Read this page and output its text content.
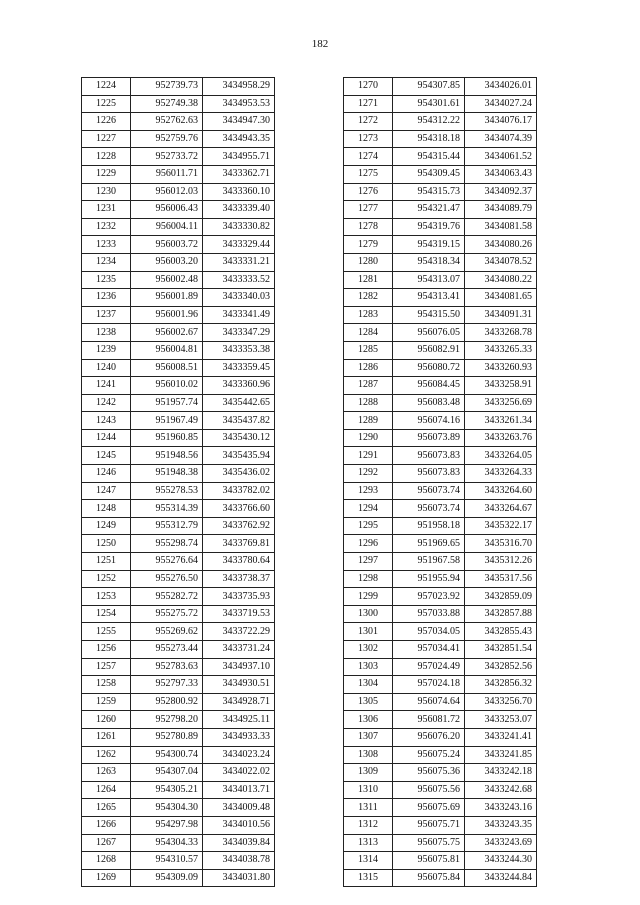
182
1224	952739.73	3434958.29
1225	952749.38	3434953.53
1226	952762.63	3434947.30
1227	952759.76	3434943.35
1228	952733.72	3434955.71
1229	956011.71	3433362.71
1230	956012.03	3433360.10
1231	956006.43	3433339.40
1232	956004.11	3433330.82
1233	956003.72	3433329.44
1234	956003.20	3433331.21
1235	956002.48	3433333.52
1236	956001.89	3433340.03
1237	956001.96	3433341.49
1238	956002.67	3433347.29
1239	956004.81	3433353.38
1240	956008.51	3433359.45
1241	956010.02	3433360.96
1242	951957.74	3435442.65
1243	951967.49	3435437.82
1244	951960.85	3435430.12
1245	951948.56	3435435.94
1246	951948.38	3435436.02
1247	955278.53	3433782.02
1248	955314.39	3433766.60
1249	955312.79	3433762.92
1250	955298.74	3433769.81
1251	955276.64	3433780.64
1252	955276.50	3433738.37
1253	955282.72	3433735.93
1254	955275.72	3433719.53
1255	955269.62	3433722.29
1256	955273.44	3433731.24
1257	952783.63	3434937.10
1258	952797.33	3434930.51
1259	952800.92	3434928.71
1260	952798.20	3434925.11
1261	952780.89	3434933.33
1262	954300.74	3434023.24
1263	954307.04	3434022.02
1264	954305.21	3434013.71
1265	954304.30	3434009.48
1266	954297.98	3434010.56
1267	954304.33	3434039.84
1268	954310.57	3434038.78
1269	954309.09	3434031.80
1270	954307.85	3434026.01
1271	954301.61	3434027.24
1272	954312.22	3434076.17
1273	954318.18	3434074.39
1274	954315.44	3434061.52
1275	954309.45	3434063.43
1276	954315.73	3434092.37
1277	954321.47	3434089.79
1278	954319.76	3434081.58
1279	954319.15	3434080.26
1280	954318.34	3434078.52
1281	954313.07	3434080.22
1282	954313.41	3434081.65
1283	954315.50	3434091.31
1284	956076.05	3433268.78
1285	956082.91	3433265.33
1286	956080.72	3433260.93
1287	956084.45	3433258.91
1288	956083.48	3433256.69
1289	956074.16	3433261.34
1290	956073.89	3433263.76
1291	956073.83	3433264.05
1292	956073.83	3433264.33
1293	956073.74	3433264.60
1294	956073.74	3433264.67
1295	951958.18	3435322.17
1296	951969.65	3435316.70
1297	951967.58	3435312.26
1298	951955.94	3435317.56
1299	957023.92	3432859.09
1300	957033.88	3432857.88
1301	957034.05	3432855.43
1302	957034.41	3432851.54
1303	957024.49	3432852.56
1304	957024.18	3432856.32
1305	956074.64	3433256.70
1306	956081.72	3433253.07
1307	956076.20	3433241.41
1308	956075.24	3433241.85
1309	956075.36	3433242.18
1310	956075.56	3433242.68
1311	956075.69	3433243.16
1312	956075.71	3433243.35
1313	956075.75	3433243.69
1314	956075.81	3433244.30
1315	956075.84	3433244.84
